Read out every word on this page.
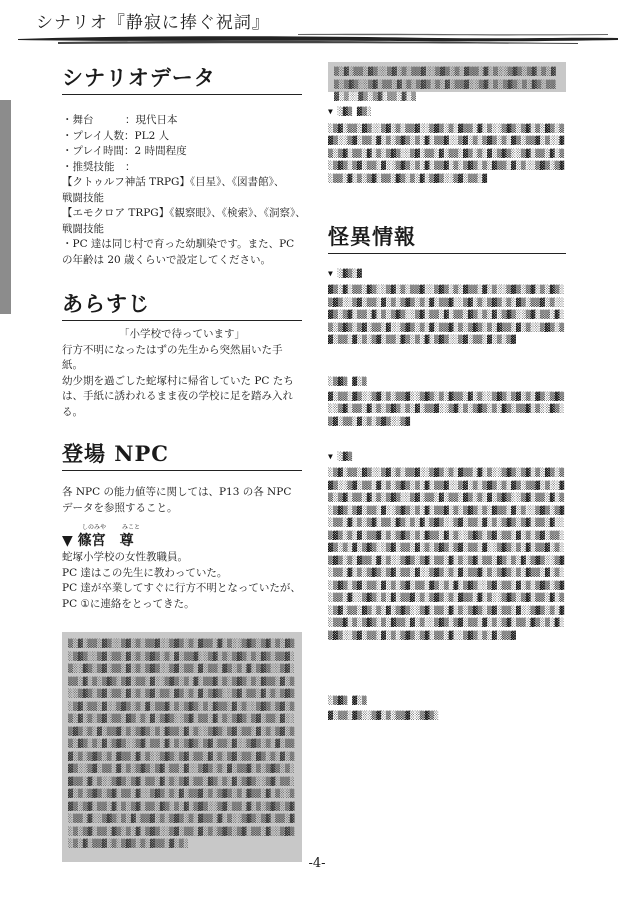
シナリオ『静寂に捧ぐ祝詞』
シナリオデータ
・舞台　　　：現代日本
・プレイ人数：PL2 人
・プレイ時間：2 時間程度
・推奨技能　：
【クトゥルフ神話 TRPG】《目星》、《図書館》、
戦闘技能
【エモクロア TRPG】《観察眼》、《検索》、《洞察》、
戦闘技能
・PC 達は同じ村で育った幼馴染です。また、PC
の年齢は 20 歳くらいで設定してください。
あらすじ
「小学校で待っています」
行方不明になったはずの先生から突然届いた手
紙。
幼少期を過ごした蛇塚村に帰省していた PC たち
は、手紙に誘われるまま夜の学校に足を踏み入れ
る。
登場 NPC
各 NPC の能力値等に関しては、P13 の各 NPC
データを参照すること。
▼
しのみや	みこと
篠宮　尊
蛇塚小学校の女性教職員。
PC 達はこの先生に教わっていた。
PC 達が卒業してすぐに行方不明となっていたが、
PC ①に連絡をとってきた。
▒░▓░▒▒░▓▒░░▒▓░▒░▒▒▓░░▒▓▒░▒░▓▒▒░▓░▒░░▒▓▒░▒▓░▒░▓▒░▒▓▒░░▒▓░▒▒░▓░▒░▒▓▒░▒░▓░▒▒▓░░▒▓░▒░▒▓▒░▒░▓▒░▒▒▓░▒░░▓▒░▒▓░▒▒░▓░▒░▒▓▒░░▒▓░▒▒░▓░▒▒░▓▒░▒░▓░▒▓▒░░▒▓░▒▒░▓░▒░▒▓▒░▒▓░▒▒░▓░░▒▓▒░▒░▓░▒▒▓░▒░▒▓▒░▒░▓▒▒░▓░▒░░▒▓▒░▒▓░▒▒░▓░▒░▒▓░▒▒░▓▒░▒░▓░▒▓▒░░▒▓░▒▒░▓░▒░▒▓▒░▒▓░▒▒░▓░░▒▓▒░▒░▓░▒▒▓░▒░▒▓▒░▒░▓▒▒░▓░▒░░▒▓▒░▒▓░▒▒░▓░▒░▒▓░▒▒░▓▒░▒░▓░▒▓▒░░▒▓░▒▒░▓░▒░▒▓▒░▒▓░▒▒░▓░░▒▓▒░▒░▓░▒▒▓░▒░▒▓▒░▒░▓▒▒░▓░▒░░▒▓▒░▒▓░▒▒░▓░▒░▒▓░▒▒░▓▒░▒░▓░▒▓▒░░▒▓░▒▒░▓░▒░▒▓▒░▒▓░▒▒░▓░░▒▓▒░▒░▓░▒▒▓░▒░▒▓▒░▒░▓▒▒░▓░▒░░▒▓▒░▒▓░▒▒░▓░▒░▒▓░▒▒░▓▒░▒░▓░▒▓▒░░▒▓░▒▒░▓░▒░▒▓▒░▒▓░▒▒░▓░░▒▓▒░▒░▓░▒▒▓░▒░▒▓▒░▒░▓▒▒░▓░▒░░▒▓▒░▒▓░▒▒░▓░▒░▒▓░▒▒░▓▒░▒░▓░▒▓▒░░▒▓░▒▒░▓░▒░▒▓▒░▒▓░▒▒░▓░░▒▓▒░▒░▓░▒▒▓░▒░▒▓▒░▒░▓▒▒░▓░▒░░▒▓▒░▒▓░▒▒░▓░▒░▒▓░▒▒░▓▒░▒░▓░▒▓▒░░▒▓░▒▒░▓░▒░▒▓▒░▒▓░▒▒░▓░░▒▓▒░▒░▓░▒▒▓░▒░▒▓▒░▒░▓▒▒░▓░▒░░▒▓▒░▒▓░▒▒░▓░▒░▒▓░▒▒░▓▒░▒░▓░▒▓▒░░▒▓░▒▒░▓░▒░▒▓▒░▒▓░▒▒░▓░░▒▓▒░▒░▓░▒▒▓░▒░▒▓▒░▒░▓▒▒░▓░▒░
▒░▓░▒▒░▓▒░░▒▓░▒░▒▒▓░░▒▓▒░▒░▓▒▒░▓░▒░░▒▓▒░▒▓░▒░▓▒░▒▓▒░░▒▓░▒▒░▓░▒░▒▓▒░▒░▓░▒▒▓░░▒▓░▒░▒▓▒░▒░▓▒░▒▒▓░▒░░▓▒░▒▓░▒▒░▓░▒
▼ ░▓▒ ▓▒░
░▒▓░▒▒░▓▒░░▒▓░▒░▒▒▓░░▒▓▒░▒░▓▒▒░▓░▒░░▒▓▒░▒▓░▒░▓▒░▒▓▒░░▒▓░▒▒░▓░▒░▒▓▒░▒░▓░▒▒▓░░▒▓░▒░▒▓▒░▒░▓▒░▒▒▓░▒░░▓▒░▒▓░▒▒░▓░▒░▒▓▒░░▒▓░▒▒░▓░▒▒░▓▒░▒░▓░▒▓▒░░▒▓░▒▒░▓░▒░▒▓▒░▒▓░▒▒░▓░░▒▓▒░▒░▓░▒▒▓░▒░▒▓▒░▒░▓▒▒░▓░▒░░▒▓▒░▒▓░▒▒░▓░▒░▒▓░▒▒░▓▒░▒░▓░▒▓▒░░▒▓░▒▒░▓
怪異情報
▼ ░▓▒░▓
▓▒░▓░▒▒░▓▒░░▒▓░▒░▒▒▓░░▒▓▒░▒░▓▒▒░▓░▒░░▒▓▒░▒▓░▒░▓▒░▒▓▒░░▒▓░▒▒░▓░▒░▒▓▒░▒░▓░▒▒▓░░▒▓░▒░▒▓▒░▒░▓▒░▒▒▓░▒░░▓▒░▒▓░▒▒░▓░▒░▒▓▒░░▒▓░▒▒░▓░▒▒░▓▒░▒░▓░▒▓▒░░▒▓░▒▒░▓░▒░▒▓▒░▒▓░▒▒░▓░░▒▓▒░▒░▓░▒▒▓░▒░▒▓▒░▒░▓▒▒░▓░▒░░▒▓▒░▒▓░▒▒░▓░▒░▒▓░▒▒░▓▒░▒░▓░▒▓▒░░▒▓░▒▒░▓░▒░▒▓
░▒▓▒ ▓░▒
▓░▒▒░▓▒░░▒▓░▒░▒▒▓░░▒▓▒░▒░▓▒▒░▓░▒░░▒▓▒░▒▓░▒░▓▒░▒▓▒░░▒▓░▒▒░▓░▒░▒▓▒░▒░▓░▒▒▓░░▒▓░▒░▒▓▒░▒░▓▒░▒▒▓░▒░░▓▒░▒▓░▒▒░▓░▒░▒▓▒░░▒▓
▼ ░▓▒
░▒▓░▒▒░▓▒░░▒▓░▒░▒▒▓░░▒▓▒░▒░▓▒▒░▓░▒░░▒▓▒░▒▓░▒░▓▒░▒▓▒░░▒▓░▒▒░▓░▒░▒▓▒░▒░▓░▒▒▓░░▒▓░▒░▒▓▒░▒░▓▒░▒▒▓░▒░░▓▒░▒▓░▒▒░▓░▒░▒▓▒░░▒▓░▒▒░▓░▒▒░▓▒░▒░▓░▒▓▒░░▒▓░▒▒░▓░▒░▒▓▒░▒▓░▒▒░▓░░▒▓▒░▒░▓░▒▒▓░▒░▒▓▒░▒░▓▒▒░▓░▒░░▒▓▒░▒▓░▒▒░▓░▒░▒▓░▒▒░▓▒░▒░▓░▒▓▒░░▒▓░▒▒░▓░▒░▒▓▒░▒▓░▒▒░▓░░▒▓▒░▒░▓░▒▒▓░▒░▒▓▒░▒░▓▒▒░▓░▒░░▒▓▒░▒▓░▒▒░▓░▒░▒▓░▒▒░▓▒░▒░▓░▒▓▒░░▒▓░▒▒░▓░▒░▒▓▒░▒▓░▒▒░▓░░▒▓▒░▒░▓░▒▒▓░▒░▒▓▒░▒░▓▒▒░▓░▒░░▒▓▒░▒▓░▒▒░▓░▒░▒▓░▒▒░▓▒░▒░▓░▒▓▒░░▒▓░▒▒░▓░▒░▒▓▒░▒▓░▒▒░▓░░▒▓▒░▒░▓░▒▒▓░▒░▒▓▒░▒░▓▒▒░▓░▒░░▒▓▒░▒▓░▒▒░▓░▒░▒▓░▒▒░▓▒░▒░▓░▒▓▒░░▒▓░▒▒░▓░▒░▒▓▒░▒▓░▒▒░▓░░▒▓▒░▒░▓░▒▒▓░▒░▒▓▒░▒░▓▒▒░▓░▒░░▒▓▒░▒▓░▒▒░▓░▒░▒▓░▒▒░▓▒░▒░▓░▒▓▒░░▒▓░▒▒░▓░▒░▒▓▒░▒▓░▒▒░▓░░▒▓▒░▒░▓░▒▒▓░▒░▒▓▒░▒░▓▒▒░▓░▒░░▒▓▒░▒▓░▒▒░▓░▒░▒▓░▒▒░▓▒░▒░▓░▒▓▒░░▒▓░▒▒░▓░▒░▒▓▒░▒▓░▒▒░▓░░▒▓▒░▒░▓░▒▒▓
░▒▓▒ ▓░▒
▓░▒▒░▓▒░░▒▓░▒░▒▒▓░░▒▓▒░
-4-
